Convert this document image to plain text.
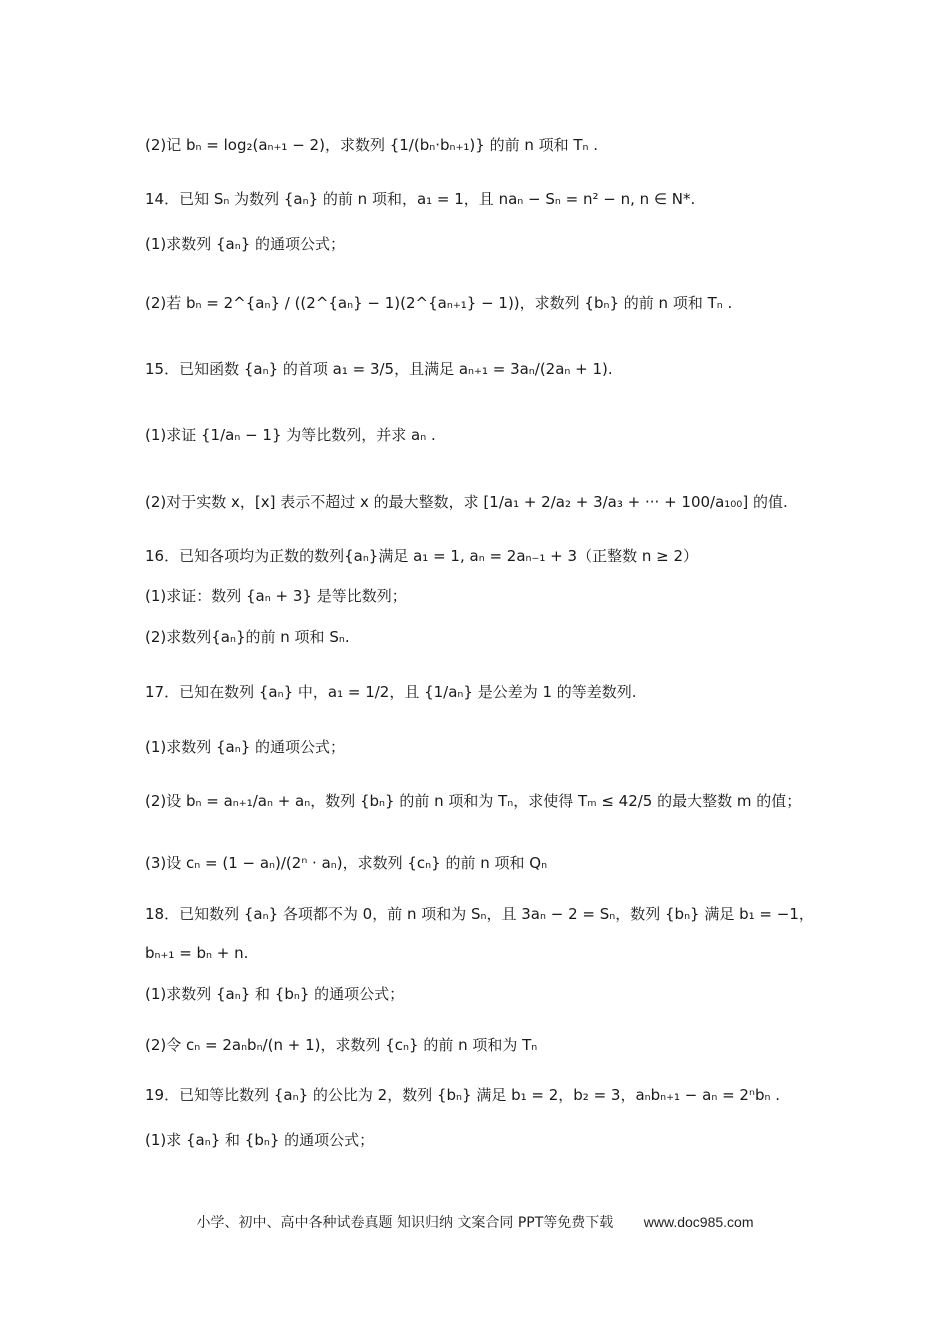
(2)记 bₙ = log₂(aₙ₊₁ − 2)，求数列 {1/(bₙ·bₙ₊₁)} 的前 n 项和 Tₙ .
14．已知 Sₙ 为数列 {aₙ} 的前 n 项和，a₁ = 1，且 naₙ − Sₙ = n² − n, n ∈ N*.
(1)求数列 {aₙ} 的通项公式；
(2)若 bₙ = 2^{aₙ} / ((2^{aₙ} − 1)(2^{aₙ₊₁} − 1))，求数列 {bₙ} 的前 n 项和 Tₙ .
15．已知函数 {aₙ} 的首项 a₁ = 3/5，且满足 aₙ₊₁ = 3aₙ/(2aₙ + 1).
(1)求证 {1/aₙ − 1} 为等比数列，并求 aₙ .
(2)对于实数 x，[x] 表示不超过 x 的最大整数，求 [1/a₁ + 2/a₂ + 3/a₃ + ··· + 100/a₁₀₀] 的值.
16．已知各项均为正数的数列{aₙ}满足 a₁ = 1, aₙ = 2aₙ₋₁ + 3（正整数 n ≥ 2）
(1)求证：数列 {aₙ + 3} 是等比数列；
(2)求数列{aₙ}的前 n 项和 Sₙ.
17．已知在数列 {aₙ} 中，a₁ = 1/2，且 {1/aₙ} 是公差为 1 的等差数列.
(1)求数列 {aₙ} 的通项公式；
(2)设 bₙ = aₙ₊₁/aₙ + aₙ，数列 {bₙ} 的前 n 项和为 Tₙ，求使得 Tₘ ≤ 42/5 的最大整数 m 的值；
(3)设 cₙ = (1 − aₙ)/(2ⁿ · aₙ)，求数列 {cₙ} 的前 n 项和 Qₙ
18．已知数列 {aₙ} 各项都不为 0，前 n 项和为 Sₙ，且 3aₙ − 2 = Sₙ，数列 {bₙ} 满足 b₁ = −1，
bₙ₊₁ = bₙ + n.
(1)求数列 {aₙ} 和 {bₙ} 的通项公式；
(2)令 cₙ = 2aₙbₙ/(n + 1)，求数列 {cₙ} 的前 n 项和为 Tₙ
19．已知等比数列 {aₙ} 的公比为 2，数列 {bₙ} 满足 b₁ = 2，b₂ = 3，aₙbₙ₊₁ − aₙ = 2ⁿbₙ .
(1)求 {aₙ} 和 {bₙ} 的通项公式；
小学、初中、高中各种试卷真题 知识归纳 文案合同 PPT等免费下载 www.doc985.com
